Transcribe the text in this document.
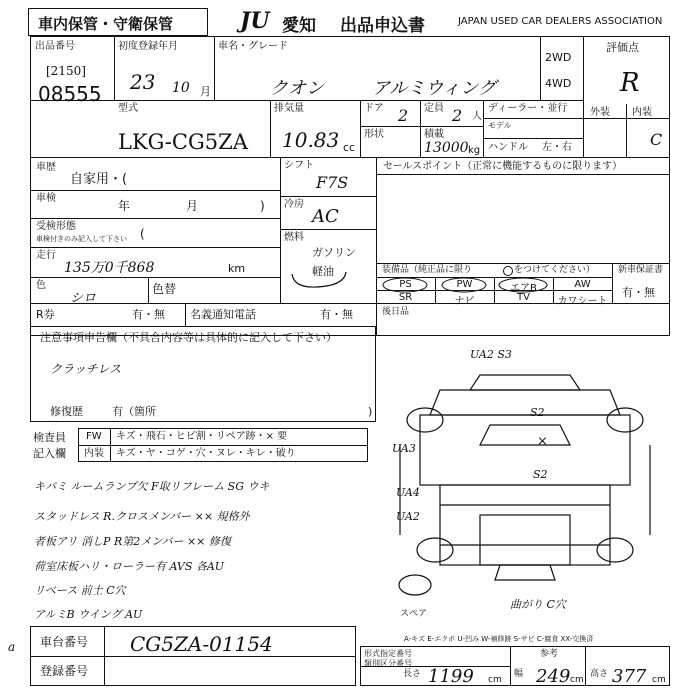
車内保管・守衛保管	JU 愛知 出品申込書	JAPAN USED CAR DEALERS ASSOCIATION
出品番号
[2150]
08555
初度登録年月
23 10 月
車名・グレード
クオン	アルミウィング
2WD
4WD
評価点
R
型式
LKG-CG5ZA
排気量
10.83 cc
ドア 2
形状
定員 2 人
積載
13000 kg
ディーラー・並行
モデル
ハンドル 左・右
外装 内装
C
車歴
自家用・(
車検
年	月	)
受検形態
車検付きのみ記入して下さい (
走行
135万0千868	km
色
シロ
色替
シフト
F7S
冷房
AC
燃料
ガソリン
軽油
セールスポイント（正常に機能するものに限ります）
装備品（純正品に限り	をつけてください）
PS	PW	エアB	AW
SR	ナビ	TV	カワシート
新車保証書
有・無
R券	有・無 名義通知電話	有・無	後日品
注意事項申告欄（不具合内容等は具体的に記入して下さい）
クラッチレス
修復歴	有（箇所	)
検査員
記入欄
FW キズ・飛石・ヒビ割・リペア跡・× 要
内装 キズ・ヤ・コゲ・穴・ヌレ・キレ・破り
キバミ ルームランプ欠 F取リフレーム SG ウキ
スタッドレス R.クロスメンバー ×× 規格外
者板アリ 消しP R第2メンバー ×× 修復
荷室床板ハリ・ローラー有 AVS 各AU
リベース 前土 C穴
アルミB ウイング AU
UA2 S3
S2
×
S2
UA3
UA4
UA2
スペア
曲がり C穴
A-キズ E-エクボ U-凹み W-補修跡 S-サビ C-腐食 XX-交換済
車台番号 CG5ZA-01154
登録番号
形式指定番号
類別区分番号
参考
長さ 1199 cm
幅 249 cm
高さ 377 cm
a
